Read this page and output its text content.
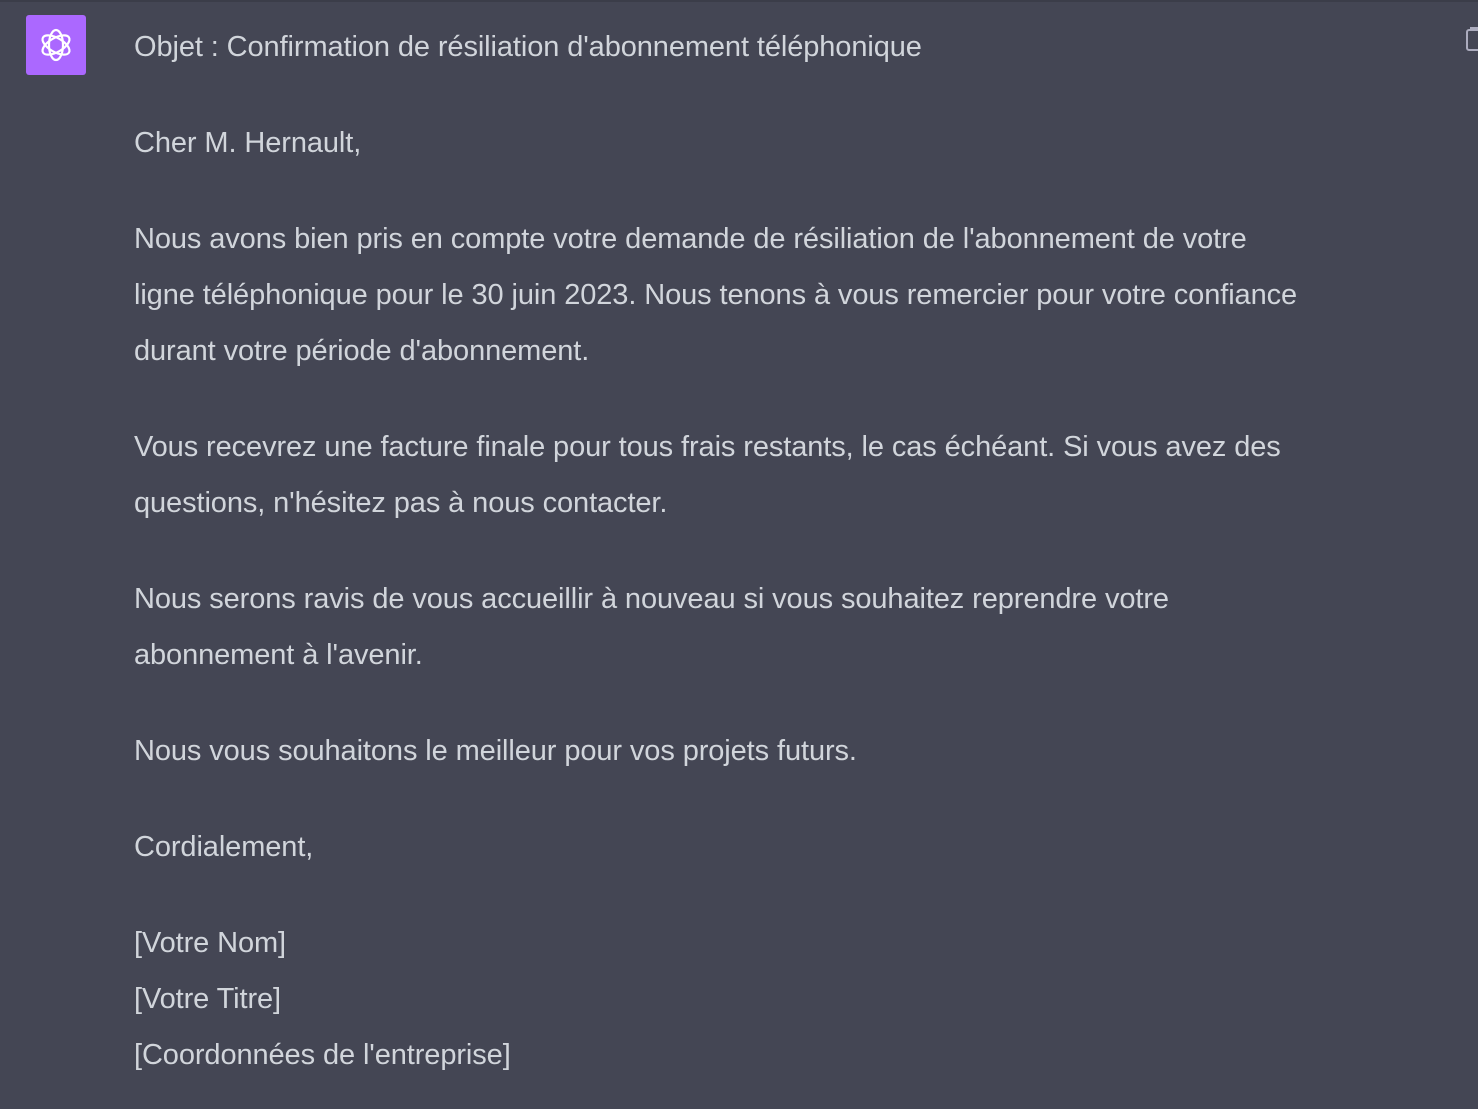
Objet : Confirmation de résiliation d'abonnement téléphonique

Cher M. Hernault,

Nous avons bien pris en compte votre demande de résiliation de l'abonnement de votre
ligne téléphonique pour le 30 juin 2023. Nous tenons à vous remercier pour votre confiance
durant votre période d'abonnement.

Vous recevrez une facture finale pour tous frais restants, le cas échéant. Si vous avez des
questions, n'hésitez pas à nous contacter.

Nous serons ravis de vous accueillir à nouveau si vous souhaitez reprendre votre
abonnement à l'avenir.

Nous vous souhaitons le meilleur pour vos projets futurs.

Cordialement,

[Votre Nom]
[Votre Titre]
[Coordonnées de l'entreprise]
